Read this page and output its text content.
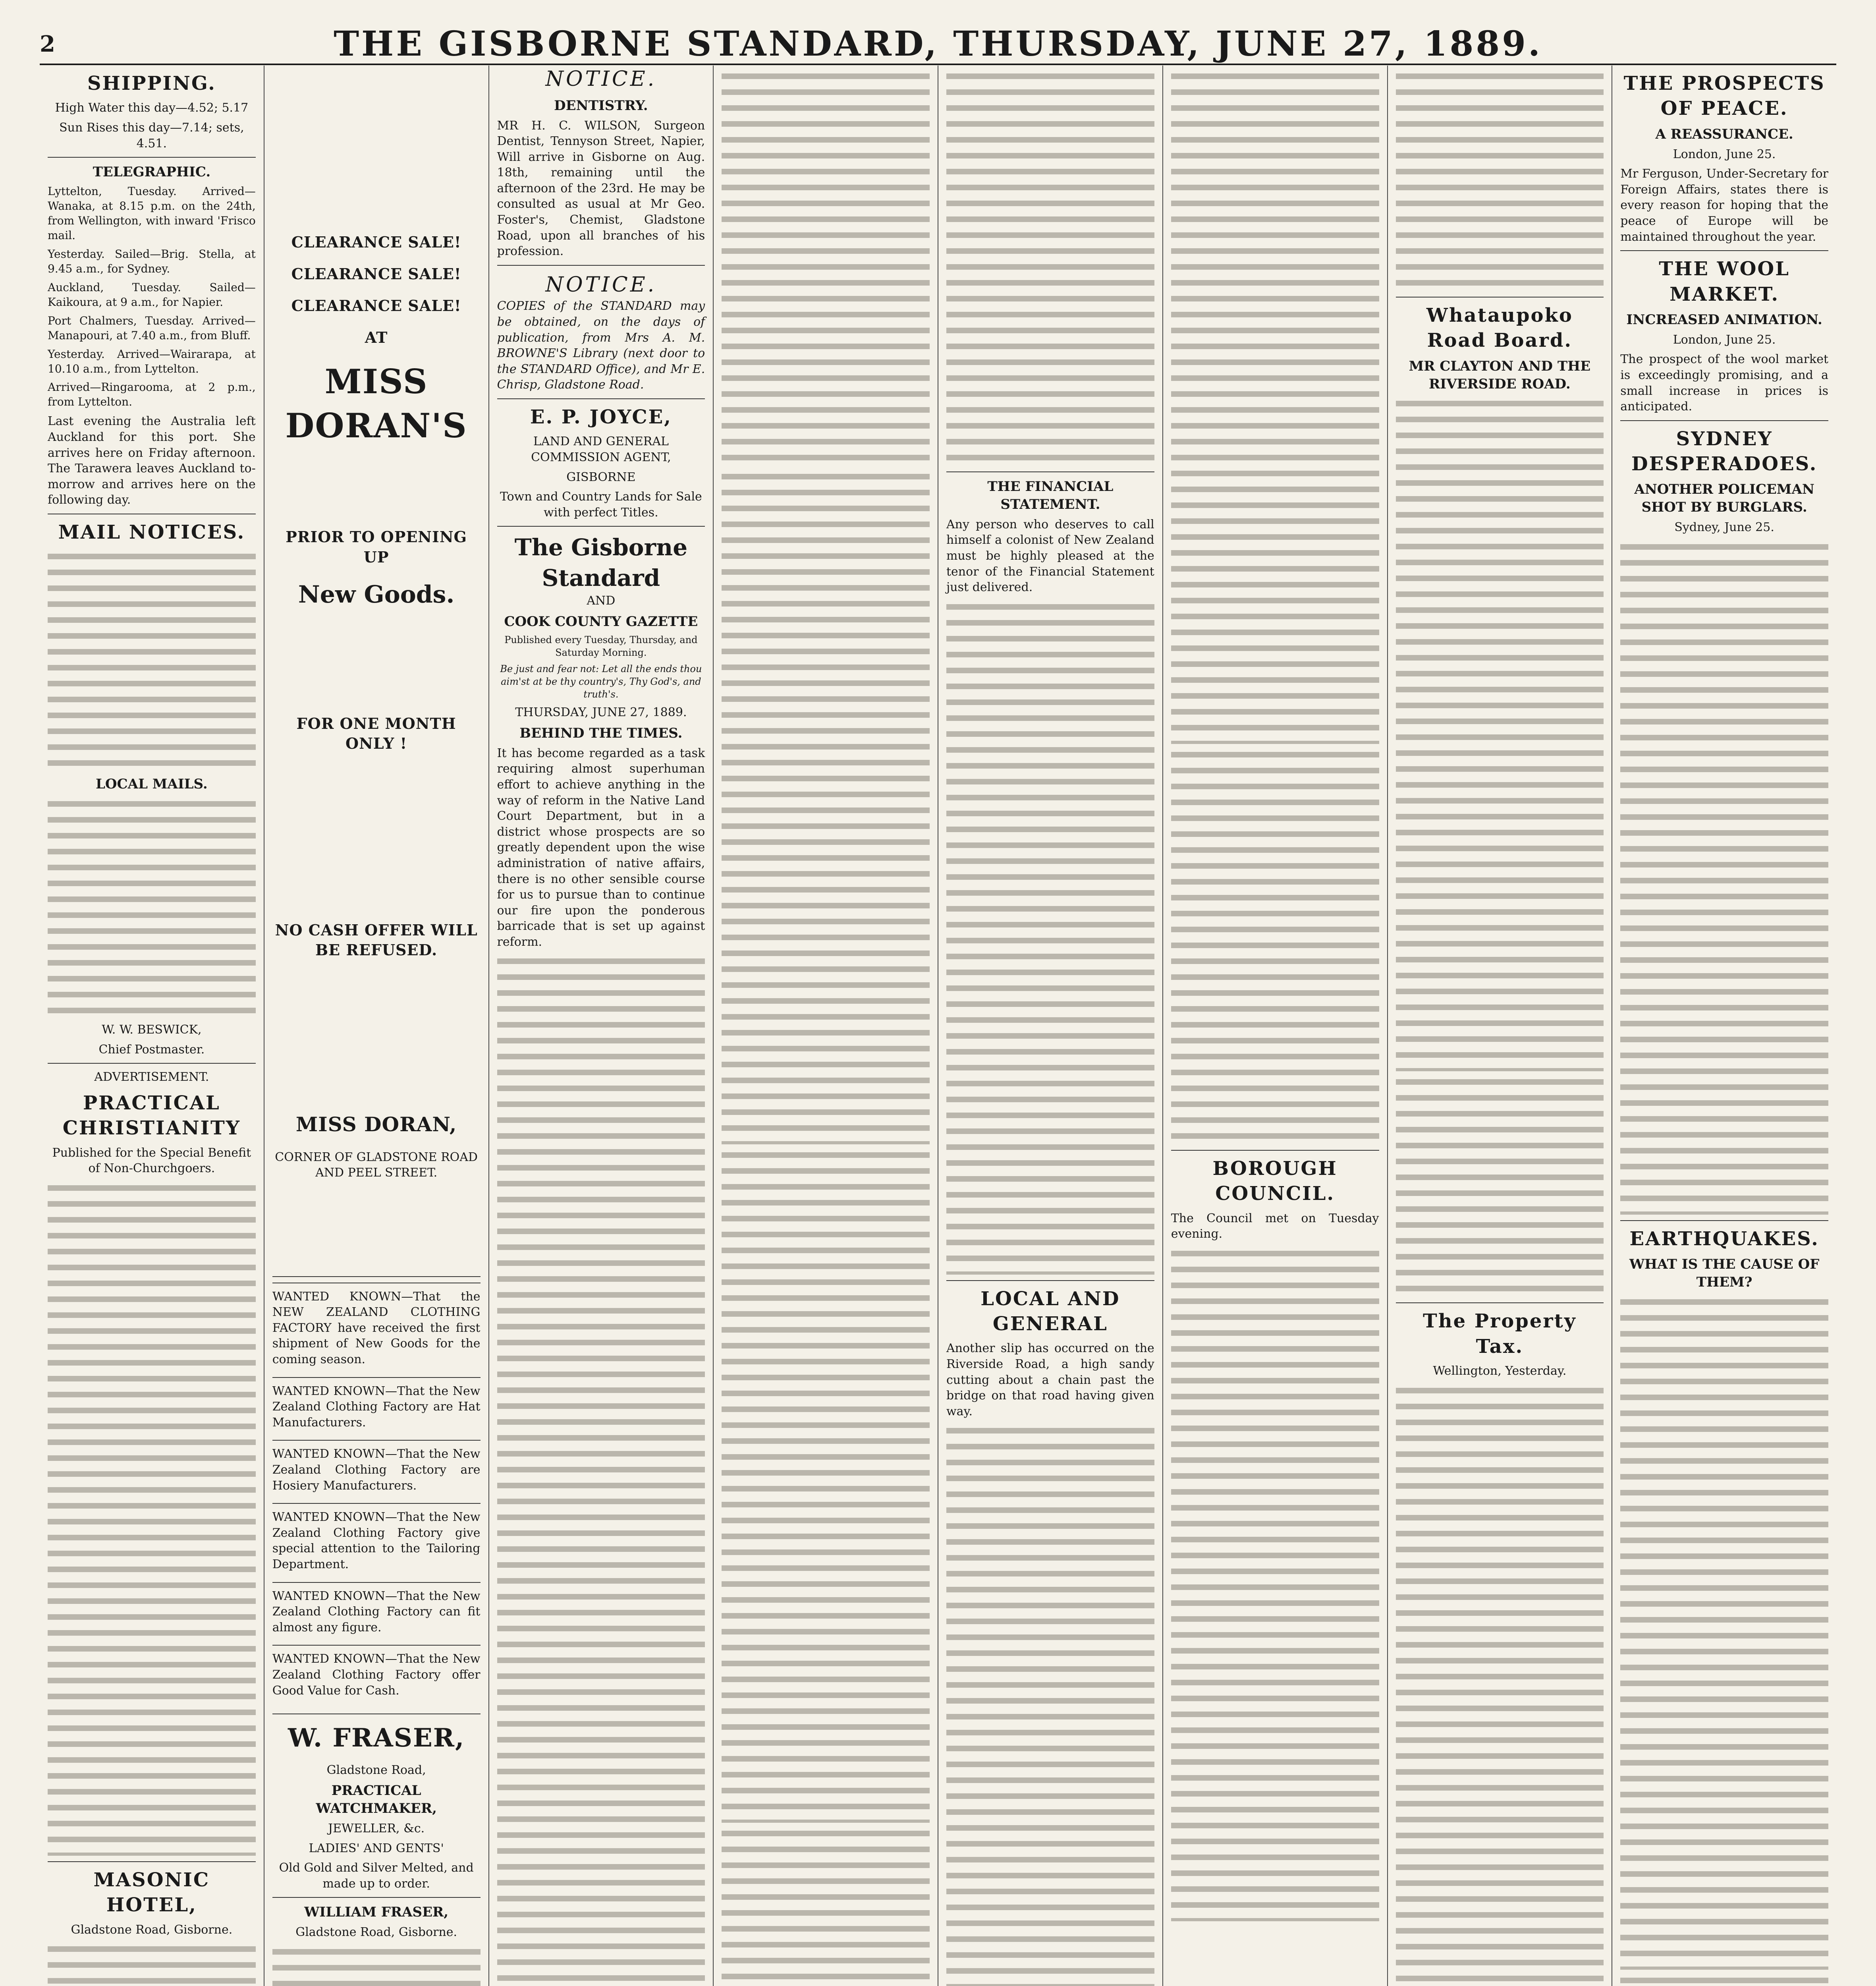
2	THE GISBORNE STANDARD, THURSDAY, JUNE 27, 1889.
SHIPPING.

High Water this day—4.52; 5.17

Sun Rises this day—7.14; sets, 4.51.

TELEGRAPHIC.

Lyttelton, Tuesday. Arrived—Wanaka, at 8.15 p.m. on the 24th, from Wellington, with inward 'Frisco mail.

Yesterday. Sailed—Brig. Stella, at 9.45 a.m., for Sydney.

Auckland, Tuesday. Sailed—Kaikoura, at 9 a.m., for Napier.

Port Chalmers, Tuesday. Arrived—Manapouri, at 7.40 a.m., from Bluff.

Yesterday. Arrived—Wairarapa, at 10.10 a.m., from Lyttelton.

Arrived—Ringarooma, at 2 p.m., from Lyttelton.

Last evening the Australia left Auckland for this port. She arrives here on Friday afternoon. The Tarawera leaves Auckland to-morrow and arrives here on the following day.

MAIL NOTICES.
LOCAL MAILS.

W. W. BESWICK,

Chief Postmaster.

ADVERTISEMENT.

PRACTICAL CHRISTIANITY

Published for the Special Benefit of Non-Churchgoers.

MASONIC HOTEL,

Gladstone Road, Gisborne.

CLEARANCE SALE!
CLEARANCE SALE!
CLEARANCE SALE!
AT
MISS DORAN'S
PRIOR TO OPENING UP
New Goods.
FOR ONE MONTH ONLY !
NO CASH OFFER WILL BE REFUSED.
MISS DORAN,

CORNER OF GLADSTONE ROAD AND PEEL STREET.

WANTED KNOWN—That the NEW ZEALAND CLOTHING FACTORY have received the first shipment of New Goods for the coming season.

WANTED KNOWN—That the New Zealand Clothing Factory are Hat Manufacturers.

WANTED KNOWN—That the New Zealand Clothing Factory are Hosiery Manufacturers.

WANTED KNOWN—That the New Zealand Clothing Factory give special attention to the Tailoring Department.

WANTED KNOWN—That the New Zealand Clothing Factory can fit almost any figure.

WANTED KNOWN—That the New Zealand Clothing Factory offer Good Value for Cash.

W. FRASER,

Gladstone Road,

PRACTICAL WATCHMAKER,

JEWELLER, &c.

LADIES' AND GENTS'

Old Gold and Silver Melted, and made up to order.

WILLIAM FRASER,

Gladstone Road, Gisborne.

NOTICE.
DENTISTRY.

MR H. C. WILSON, Surgeon Dentist, Tennyson Street, Napier, Will arrive in Gisborne on Aug. 18th, remaining until the afternoon of the 23rd. He may be consulted as usual at Mr Geo. Foster's, Chemist, Gladstone Road, upon all branches of his profession.

NOTICE.

COPIES of the STANDARD may be obtained, on the days of publication, from Mrs A. M. BROWNE'S Library (next door to the STANDARD Office), and Mr E. Chrisp, Gladstone Road.

E. P. JOYCE,

LAND AND GENERAL COMMISSION AGENT,

GISBORNE

Town and Country Lands for Sale with perfect Titles.

The Gisborne Standard

AND

COOK COUNTY GAZETTE

Published every Tuesday, Thursday, and Saturday Morning.

Be just and fear not: Let all the ends thou aim'st at be thy country's, Thy God's, and truth's.

THURSDAY, JUNE 27, 1889.

BEHIND THE TIMES.

It has become regarded as a task requiring almost superhuman effort to achieve anything in the way of reform in the Native Land Court Department, but in a district whose prospects are so greatly dependent upon the wise administration of native affairs, there is no other sensible course for us to pursue than to continue our fire upon the ponderous barricade that is set up against reform.

THE FINANCIAL STATEMENT.

Any person who deserves to call himself a colonist of New Zealand must be highly pleased at the tenor of the Financial Statement just delivered.

LOCAL AND GENERAL

Another slip has occurred on the Riverside Road, a high sandy cutting about a chain past the bridge on that road having given way.

BOROUGH COUNCIL.

The Council met on Tuesday evening.

Whataupoko Road Board.
MR CLAYTON AND THE RIVERSIDE ROAD.
The Property Tax.

Wellington, Yesterday.

THE PROSPECTS OF PEACE.
A REASSURANCE.

London, June 25.

Mr Ferguson, Under-Secretary for Foreign Affairs, states there is every reason for hoping that the peace of Europe will be maintained throughout the year.

THE WOOL MARKET.
INCREASED ANIMATION.

London, June 25.

The prospect of the wool market is exceedingly promising, and a small increase in prices is anticipated.

SYDNEY DESPERADOES.
ANOTHER POLICEMAN SHOT BY BURGLARS.

Sydney, June 25.

EARTHQUAKES.
WHAT IS THE CAUSE OF THEM?
